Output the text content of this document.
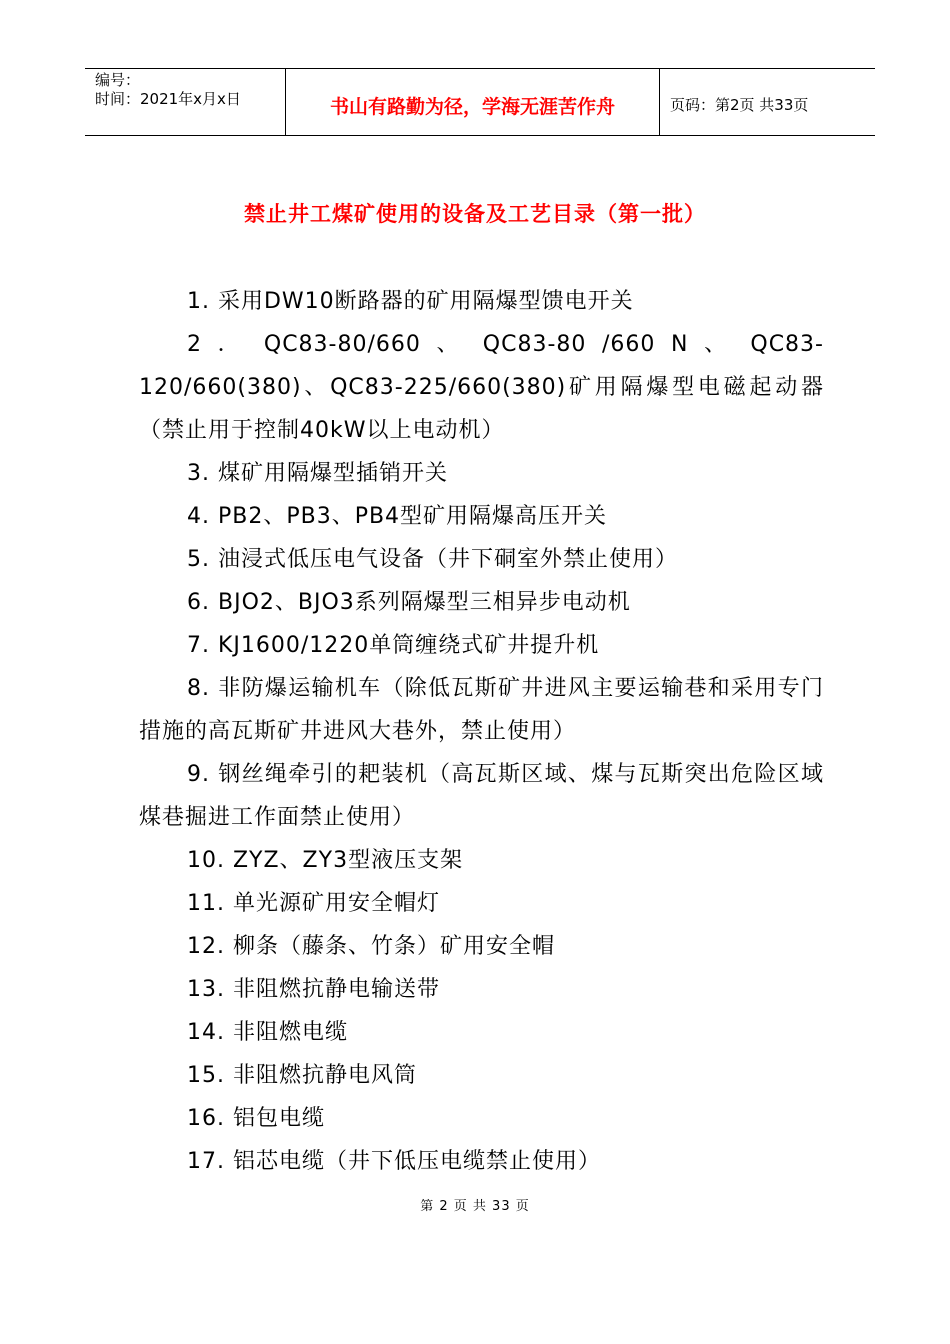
编号：
时间：2021年x月x日	书山有路勤为径，学海无涯苦作舟	页码：第2页 共33页
禁止井工煤矿使用的设备及工艺目录（第一批）

1. 采用DW10断路器的矿用隔爆型馈电开关

2 ． QC83-80/660 、 QC83-80 /660 N 、 QC83-120/660(380)、QC83-225/660(380)矿用隔爆型电磁起动器（禁止用于控制40kW以上电动机）

3. 煤矿用隔爆型插销开关

4. PB2、PB3、PB4型矿用隔爆高压开关

5. 油浸式低压电气设备（井下硐室外禁止使用）

6. BJO2、BJO3系列隔爆型三相异步电动机

7. KJ1600/1220单筒缠绕式矿井提升机

8. 非防爆运输机车（除低瓦斯矿井进风主要运输巷和采用专门措施的高瓦斯矿井进风大巷外，禁止使用）

9. 钢丝绳牵引的耙装机（高瓦斯区域、煤与瓦斯突出危险区域煤巷掘进工作面禁止使用）

10. ZYZ、ZY3型液压支架

11. 单光源矿用安全帽灯

12. 柳条（藤条、竹条）矿用安全帽

13. 非阻燃抗静电输送带

14. 非阻燃电缆

15. 非阻燃抗静电风筒

16. 铝包电缆

17. 铝芯电缆（井下低压电缆禁止使用）

第 2 页 共 33 页
